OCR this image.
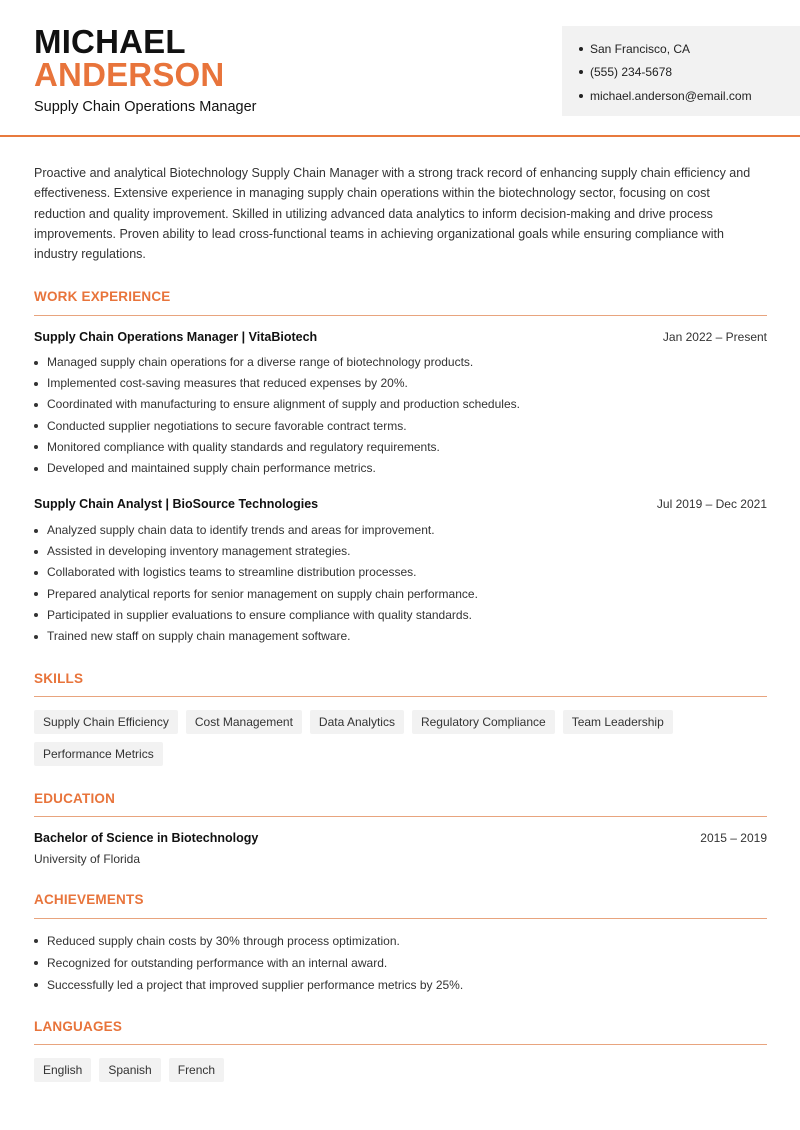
MICHAEL
ANDERSON
Supply Chain Operations Manager
San Francisco, CA
(555) 234-5678
michael.anderson@email.com

Proactive and analytical Biotechnology Supply Chain Manager with a strong track record of enhancing supply chain efficiency and effectiveness. Extensive experience in managing supply chain operations within the biotechnology sector, focusing on cost reduction and quality improvement. Skilled in utilizing advanced data analytics to inform decision-making and drive process improvements. Proven ability to lead cross-functional teams in achieving organizational goals while ensuring compliance with industry regulations.

WORK EXPERIENCE
Supply Chain Operations Manager | VitaBiotech	Jan 2022 – Present
Managed supply chain operations for a diverse range of biotechnology products.
Implemented cost-saving measures that reduced expenses by 20%.
Coordinated with manufacturing to ensure alignment of supply and production schedules.
Conducted supplier negotiations to secure favorable contract terms.
Monitored compliance with quality standards and regulatory requirements.
Developed and maintained supply chain performance metrics.
Supply Chain Analyst | BioSource Technologies	Jul 2019 – Dec 2021
Analyzed supply chain data to identify trends and areas for improvement.
Assisted in developing inventory management strategies.
Collaborated with logistics teams to streamline distribution processes.
Prepared analytical reports for senior management on supply chain performance.
Participated in supplier evaluations to ensure compliance with quality standards.
Trained new staff on supply chain management software.
SKILLS
Supply Chain Efficiency	Cost Management	Data Analytics	Regulatory Compliance	Team Leadership
Performance Metrics
EDUCATION
Bachelor of Science in Biotechnology	2015 – 2019
University of Florida
ACHIEVEMENTS
Reduced supply chain costs by 30% through process optimization.
Recognized for outstanding performance with an internal award.
Successfully led a project that improved supplier performance metrics by 25%.
LANGUAGES
English	Spanish	French
